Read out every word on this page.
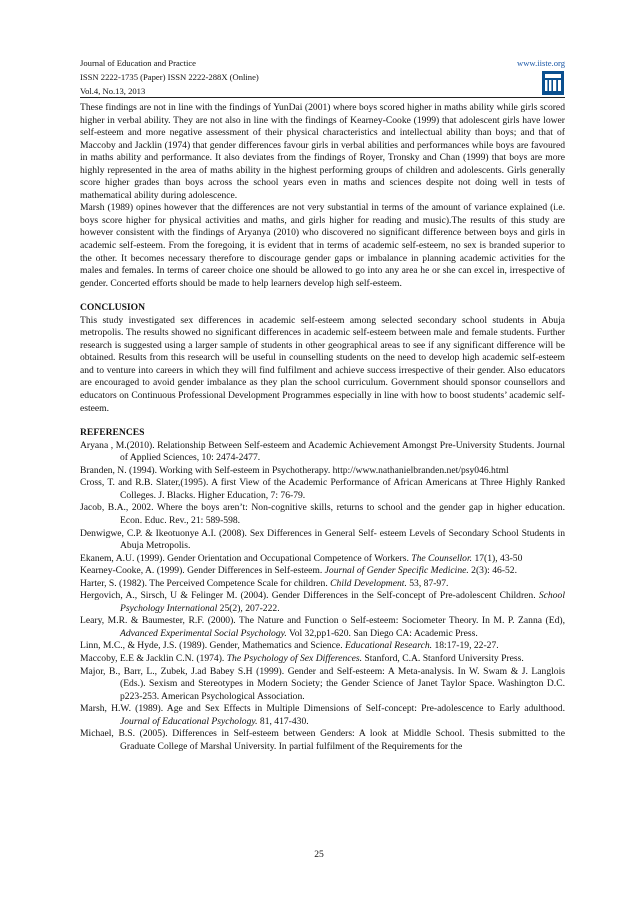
Journal of Education and Practice	www.iiste.org
ISSN 2222-1735 (Paper) ISSN 2222-288X (Online)
Vol.4, No.13, 2013

These findings are not in line with the findings of YunDai (2001) where boys scored higher in maths ability while girls scored higher in verbal ability. They are not also in line with the findings of Kearney-Cooke (1999) that adolescent girls have lower self-esteem and more negative assessment of their physical characteristics and intellectual ability than boys; and that of Maccoby and Jacklin (1974) that gender differences favour girls in verbal abilities and performances while boys are favoured in maths ability and performance. It also deviates from the findings of Royer, Tronsky and Chan (1999) that boys are more highly represented in the area of maths ability in the highest performing groups of children and adolescents. Girls generally score higher grades than boys across the school years even in maths and sciences despite not doing well in tests of mathematical ability during adolescence.

Marsh (1989) opines however that the differences are not very substantial in terms of the amount of variance explained (i.e. boys score higher for physical activities and maths, and girls higher for reading and music).The results of this study are however consistent with the findings of Aryanya (2010) who discovered no significant difference between boys and girls in academic self-esteem. From the foregoing, it is evident that in terms of academic self-esteem, no sex is branded superior to the other. It becomes necessary therefore to discourage gender gaps or imbalance in planning academic activities for the males and females. In terms of career choice one should be allowed to go into any area he or she can excel in, irrespective of gender. Concerted efforts should be made to help learners develop high self-esteem.

CONCLUSION

This study investigated sex differences in academic self-esteem among selected secondary school students in Abuja metropolis. The results showed no significant differences in academic self-esteem between male and female students. Further research is suggested using a larger sample of students in other geographical areas to see if any significant difference will be obtained. Results from this research will be useful in counselling students on the need to develop high academic self-esteem and to venture into careers in which they will find fulfilment and achieve success irrespective of their gender. Also educators are encouraged to avoid gender imbalance as they plan the school curriculum. Government should sponsor counsellors and educators on Continuous Professional Development Programmes especially in line with how to boost students’ academic self-esteem.

REFERENCES

Aryana , M.(2010). Relationship Between Self-esteem and Academic Achievement Amongst Pre-University Students. Journal of Applied Sciences, 10: 2474-2477.

Branden, N. (1994). Working with Self-esteem in Psychotherapy. http://www.nathanielbranden.net/psy046.html

Cross, T. and R.B. Slater,(1995). A first View of the Academic Performance of African Americans at Three Highly Ranked Colleges. J. Blacks. Higher Education, 7: 76-79.

Jacob, B.A., 2002. Where the boys aren’t: Non-cognitive skills, returns to school and the gender gap in higher education. Econ. Educ. Rev., 21: 589-598.

Denwigwe, C.P. & Ikeotuonye A.I. (2008). Sex Differences in General Self- esteem Levels of Secondary School Students in Abuja Metropolis.

Ekanem, A.U. (1999). Gender Orientation and Occupational Competence of Workers. The Counsellor. 17(1), 43-50

Kearney-Cooke, A. (1999). Gender Differences in Self-esteem. Journal of Gender Specific Medicine. 2(3): 46-52.

Harter, S. (1982). The Perceived Competence Scale for children. Child Development. 53, 87-97.

Hergovich, A., Sirsch, U & Felinger M. (2004). Gender Differences in the Self-concept of Pre-adolescent Children. School Psychology International 25(2), 207-222.

Leary, M.R. & Baumester, R.F. (2000). The Nature and Function o Self-esteem: Sociometer Theory. In M. P. Zanna (Ed), Advanced Experimental Social Psychology. Vol 32,pp1-620. San Diego CA: Academic Press.

Linn, M.C., & Hyde, J.S. (1989). Gender, Mathematics and Science. Educational Research. 18:17-19, 22-27.

Maccoby, E.E & Jacklin C.N. (1974). The Psychology of Sex Differences. Stanford, C.A. Stanford University Press.

Major, B., Barr, L., Zubek, J.ad Babey S.H (1999). Gender and Self-esteem: A Meta-analysis. In W. Swam & J. Langlois (Eds.). Sexism and Stereotypes in Modern Society; the Gender Science of Janet Taylor Space. Washington D.C. p223-253. American Psychological Association.

Marsh, H.W. (1989). Age and Sex Effects in Multiple Dimensions of Self-concept: Pre-adolescence to Early adulthood. Journal of Educational Psychology. 81, 417-430.

Michael, B.S. (2005). Differences in Self-esteem between Genders: A look at Middle School. Thesis submitted to the Graduate College of Marshal University. In partial fulfilment of the Requirements for the

25
